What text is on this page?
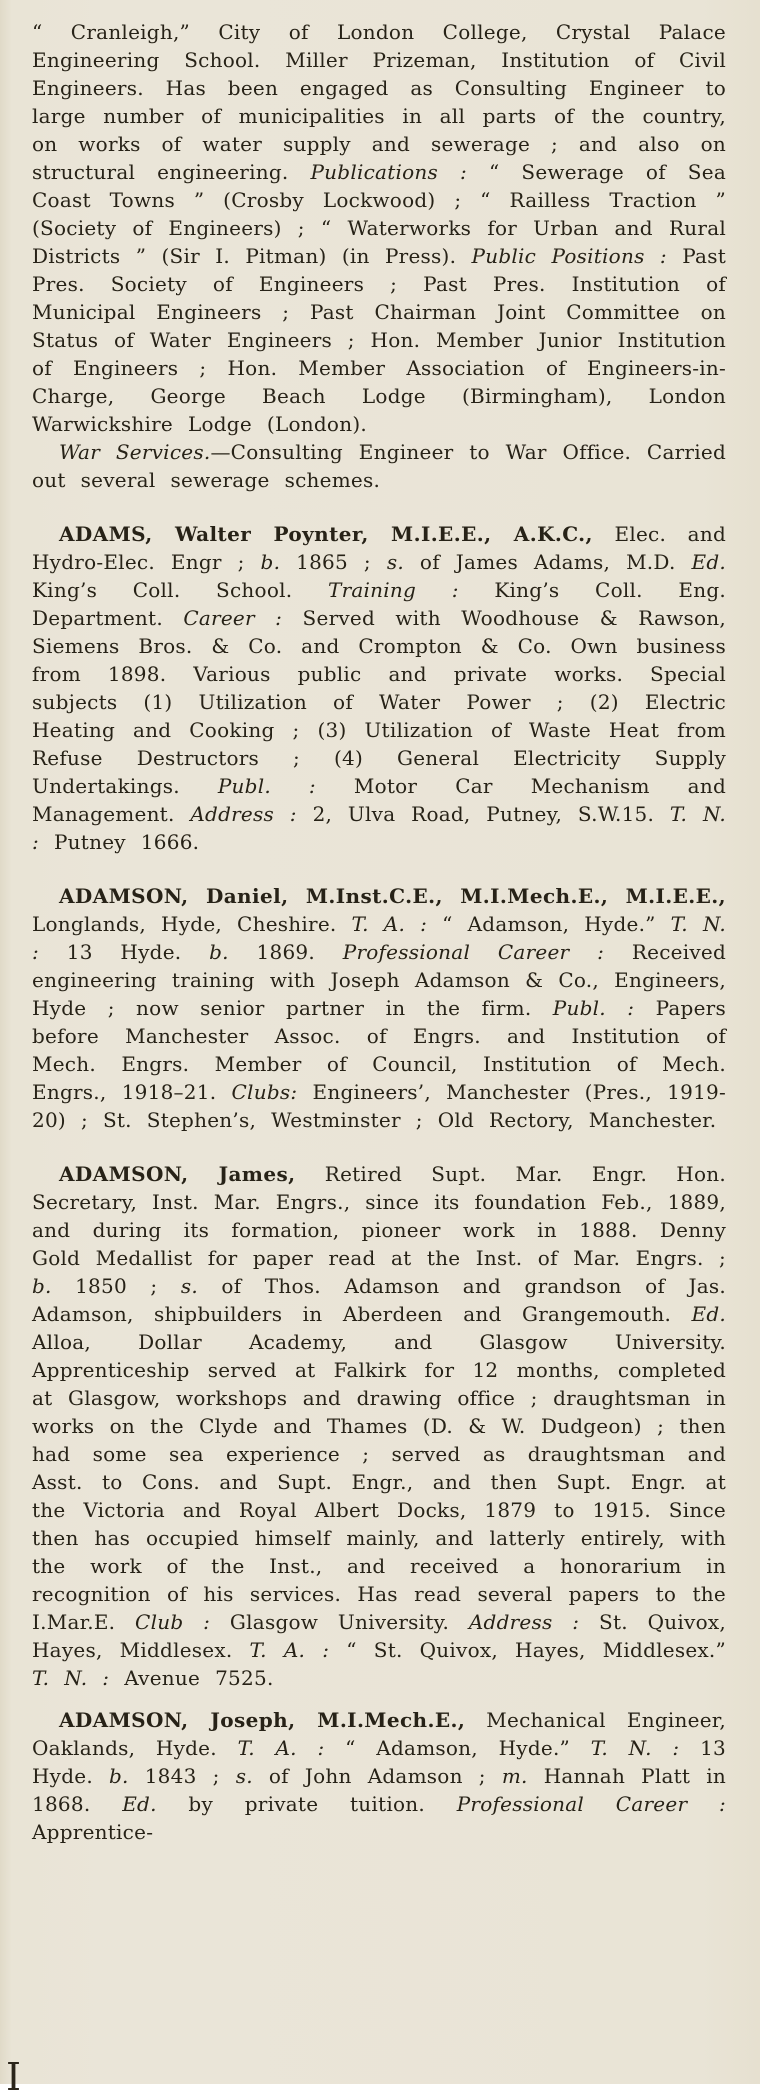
“ Cranleigh,” City of London College, Crystal Palace Engineering School. Miller Prizeman, Institution of Civil Engineers. Has been engaged as Consulting Engineer to large number of municipalities in all parts of the country, on works of water supply and sewerage ; and also on structural engineering. Publications : “ Sewerage of Sea Coast Towns ” (Crosby Lockwood) ; “ Railless Traction ” (Society of Engineers) ; “ Waterworks for Urban and Rural Districts ” (Sir I. Pitman) (in Press). Public Positions : Past Pres. Society of Engineers ; Past Pres. Institution of Municipal Engineers ; Past Chairman Joint Committee on Status of Water Engineers ; Hon. Member Junior Institution of Engineers ; Hon. Member Association of Engineers-in-Charge, George Beach Lodge (Birmingham), London Warwickshire Lodge (London).

War Services.—Consulting Engineer to War Office. Carried out several sewerage schemes.

ADAMS, Walter Poynter, M.I.E.E., A.K.C., Elec. and Hydro-Elec. Engr ; b. 1865 ; s. of James Adams, M.D. Ed. King’s Coll. School. Training : King’s Coll. Eng. Department. Career : Served with Woodhouse & Rawson, Siemens Bros. & Co. and Crompton & Co. Own business from 1898. Various public and private works. Special subjects (1) Utilization of Water Power ; (2) Electric Heating and Cooking ; (3) Utilization of Waste Heat from Refuse Destructors ; (4) General Electricity Supply Undertakings. Publ. : Motor Car Mechanism and Management. Address : 2, Ulva Road, Putney, S.W.15. T. N. : Putney 1666.

ADAMSON, Daniel, M.Inst.C.E., M.I.Mech.E., M.I.E.E., Longlands, Hyde, Cheshire. T. A. : “ Adamson, Hyde.” T. N. : 13 Hyde. b. 1869. Professional Career : Received engineering training with Joseph Adamson & Co., Engineers, Hyde ; now senior partner in the firm. Publ. : Papers before Manchester Assoc. of Engrs. and Institution of Mech. Engrs. Member of Council, Institution of Mech. Engrs., 1918–21. Clubs: Engineers’, Manchester (Pres., 1919-20) ; St. Stephen’s, Westminster ; Old Rectory, Manchester.

ADAMSON, James, Retired Supt. Mar. Engr. Hon. Secretary, Inst. Mar. Engrs., since its foundation Feb., 1889, and during its formation, pioneer work in 1888. Denny Gold Medallist for paper read at the Inst. of Mar. Engrs. ; b. 1850 ; s. of Thos. Adamson and grandson of Jas. Adamson, shipbuilders in Aberdeen and Grangemouth. Ed. Alloa, Dollar Academy, and Glasgow University. Apprenticeship served at Falkirk for 12 months, completed at Glasgow, workshops and drawing office ; draughtsman in works on the Clyde and Thames (D. & W. Dudgeon) ; then had some sea experience ; served as draughtsman and Asst. to Cons. and Supt. Engr., and then Supt. Engr. at the Victoria and Royal Albert Docks, 1879 to 1915. Since then has occupied himself mainly, and latterly entirely, with the work of the Inst., and received a honorarium in recognition of his services. Has read several papers to the I.Mar.E. Club : Glasgow University. Address : St. Quivox, Hayes, Middlesex. T. A. : “ St. Quivox, Hayes, Middlesex.” T. N. : Avenue 7525.

ADAMSON, Joseph, M.I.Mech.E., Mechanical Engineer, Oaklands, Hyde. T. A. : “ Adamson, Hyde.” T. N. : 13 Hyde. b. 1843 ; s. of John Adamson ; m. Hannah Platt in 1868. Ed. by private tuition. Professional Career : Apprentice-

I
